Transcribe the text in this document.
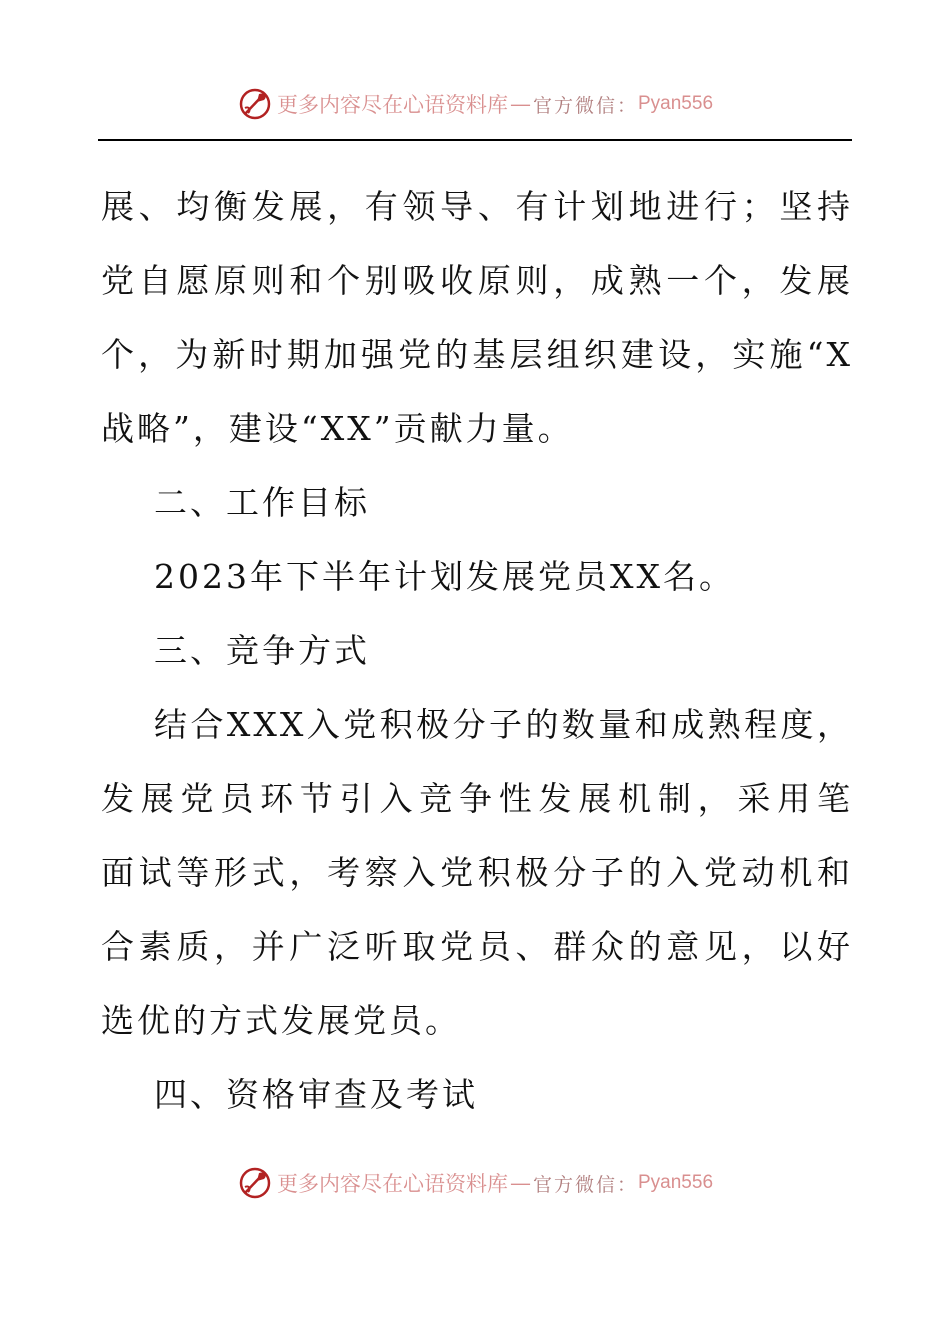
更多内容尽在心语资料库 — 官方微信： Pyan556

展、均衡发展，有领导、有计划地进行；坚持
党自愿原则和个别吸收原则，成熟一个，发展
个，为新时期加强党的基层组织建设，实施“X
战略”，建设“XX”贡献力量。

二、工作目标

2023年下半年计划发展党员XX名。

三、竞争方式

结合XXX入党积极分子的数量和成熟程度，
发展党员环节引入竞争性发展机制，采用笔
面试等形式，考察入党积极分子的入党动机和
合素质，并广泛听取党员、群众的意见，以好
选优的方式发展党员。

四、资格审查及考试

更多内容尽在心语资料库 — 官方微信： Pyan556
